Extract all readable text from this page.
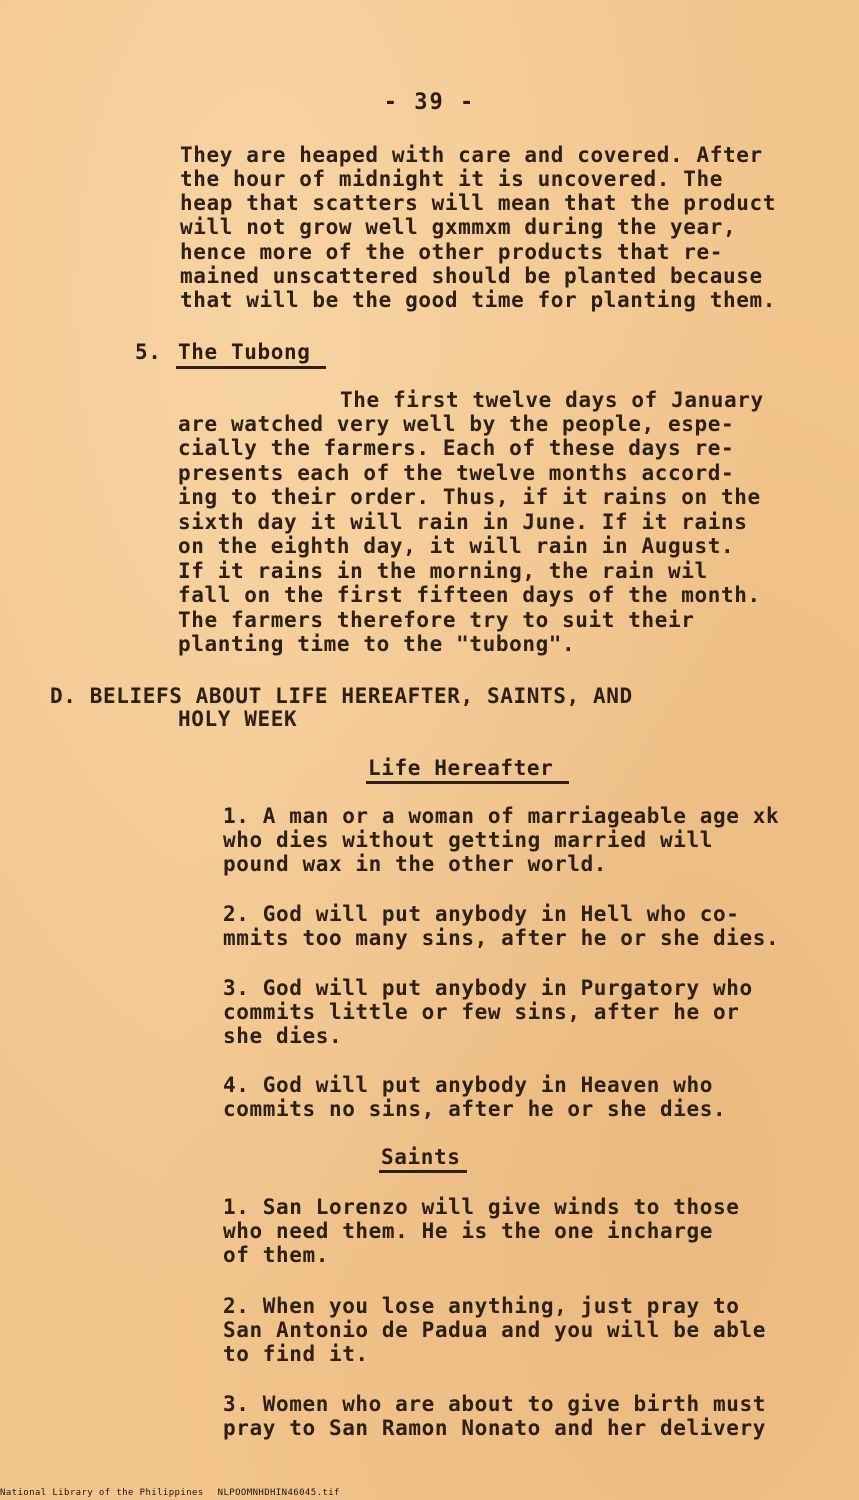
- 39 -
They are heaped with care and covered. After
the hour of midnight it is uncovered. The
heap that scatters will mean that the product
will not grow well gxmmxm during the year,
hence more of the other products that re-
mained unscattered should be planted because
that will be the good time for planting them.
5. The Tubong
The first twelve days of January
are watched very well by the people, espe-
cially the farmers. Each of these days re-
presents each of the twelve months accord-
ing to their order. Thus, if it rains on the
sixth day it will rain in June. If it rains
on the eighth day, it will rain in August.
If it rains in the morning, the rain wil
fall on the first fifteen days of the month.
The farmers therefore try to suit their
planting time to the "tubong".
D. BELIEFS ABOUT LIFE HEREAFTER, SAINTS, AND
HOLY WEEK
Life Hereafter
1. A man or a woman of marriageable age xk
who dies without getting married will
pound wax in the other world.
2. God will put anybody in Hell who co-
mmits too many sins, after he or she dies.
3. God will put anybody in Purgatory who
commits little or few sins, after he or
she dies.
4. God will put anybody in Heaven who
commits no sins, after he or she dies.
Saints
1. San Lorenzo will give winds to those
who need them. He is the one incharge
of them.
2. When you lose anything, just pray to
San Antonio de Padua and you will be able
to find it.
3. Women who are about to give birth must
pray to San Ramon Nonato and her delivery
National Library of the Philippines NLPOOMNHDHIN46045.tif
